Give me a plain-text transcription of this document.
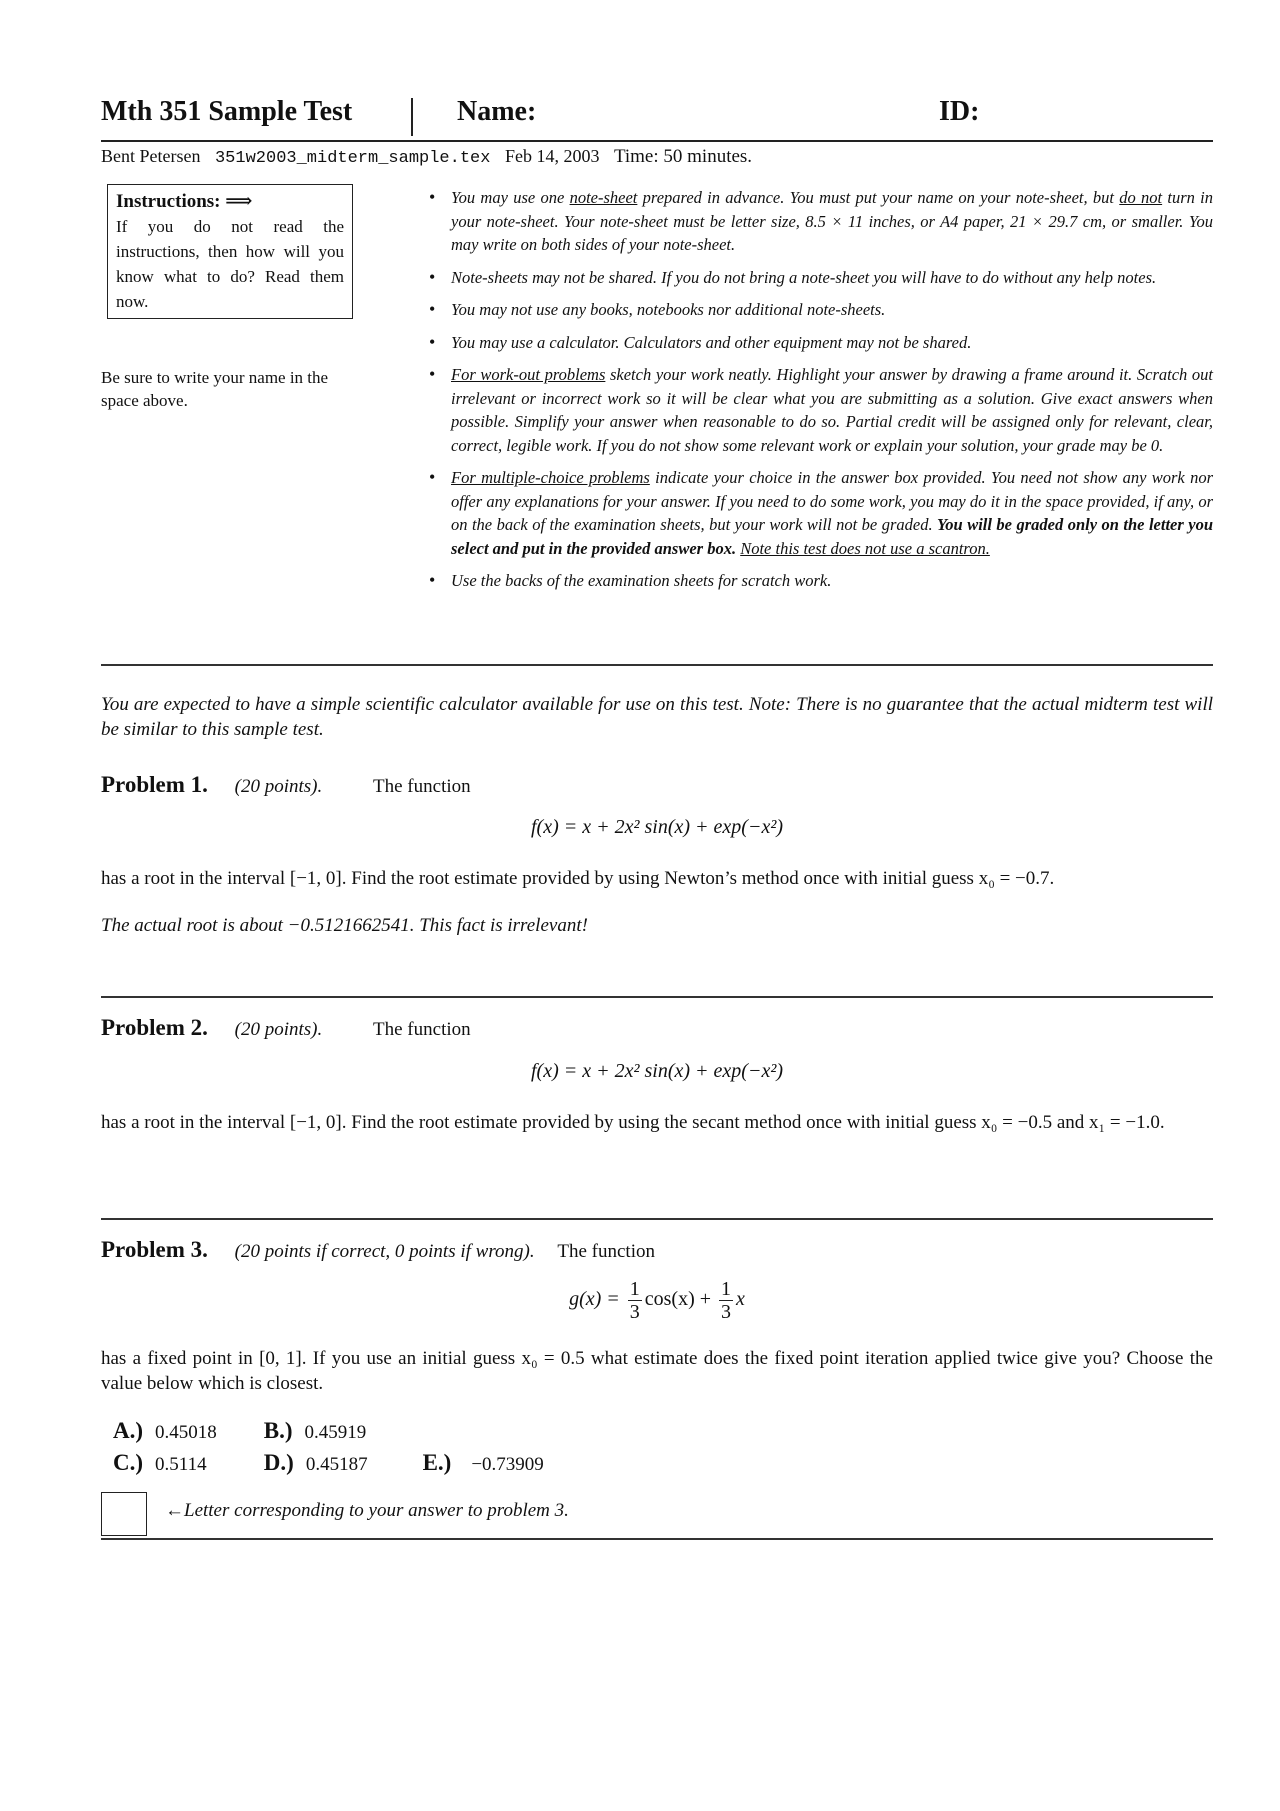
Mth 351 Sample Test	Name:	ID:
Bent Petersen 351w2003_midterm_sample.tex Feb 14, 2003 Time: 50 minutes.
Instructions: ⟹
If you do not read the instructions, then how will you know what to do? Read them now.
Be sure to write your name in the space above.
• You may use one note-sheet prepared in advance. You must put your name on your note-sheet, but do not turn in your note-sheet. Your note-sheet must be letter size, 8.5 × 11 inches, or A4 paper, 21 × 29.7 cm, or smaller. You may write on both sides of your note-sheet.
• Note-sheets may not be shared. If you do not bring a note-sheet you will have to do without any help notes.
• You may not use any books, notebooks nor additional note-sheets.
• You may use a calculator. Calculators and other equipment may not be shared.
• For work-out problems sketch your work neatly. Highlight your answer by drawing a frame around it. Scratch out irrelevant or incorrect work so it will be clear what you are submitting as a solution. Give exact answers when possible. Simplify your answer when reasonable to do so. Partial credit will be assigned only for relevant, clear, correct, legible work. If you do not show some relevant work or explain your solution, your grade may be 0.
• For multiple-choice problems indicate your choice in the answer box provided. You need not show any work nor offer any explanations for your answer. If you need to do some work, you may do it in the space provided, if any, or on the back of the examination sheets, but your work will not be graded. You will be graded only on the letter you select and put in the provided answer box. Note this test does not use a scantron.
• Use the backs of the examination sheets for scratch work.
You are expected to have a simple scientific calculator available for use on this test. Note: There is no guarantee that the actual midterm test will be similar to this sample test.
Problem 1. (20 points).	The function
f(x) = x + 2x² sin(x) + exp(−x²)
has a root in the interval [−1, 0]. Find the root estimate provided by using Newton’s method once with initial guess x₀ = −0.7.
The actual root is about −0.5121662541. This fact is irrelevant!
Problem 2. (20 points).	The function
f(x) = x + 2x² sin(x) + exp(−x²)
has a root in the interval [−1, 0]. Find the root estimate provided by using the secant method once with initial guess x₀ = −0.5 and x₁ = −1.0.
Problem 3. (20 points if correct, 0 points if wrong). The function
$g(x) = \frac{1}{3} \cos(x) + \frac{1}{3}$ x
has a fixed point in [0, 1]. If you use an initial guess x₀ = 0.5 what estimate does the fixed point iteration applied twice give you? Choose the value below which is closest.
A.) 0.45018 B.) 0.45919
C.) 0.5114 D.) 0.45187 E.) −0.73909
←Letter corresponding to your answer to problem 3.
